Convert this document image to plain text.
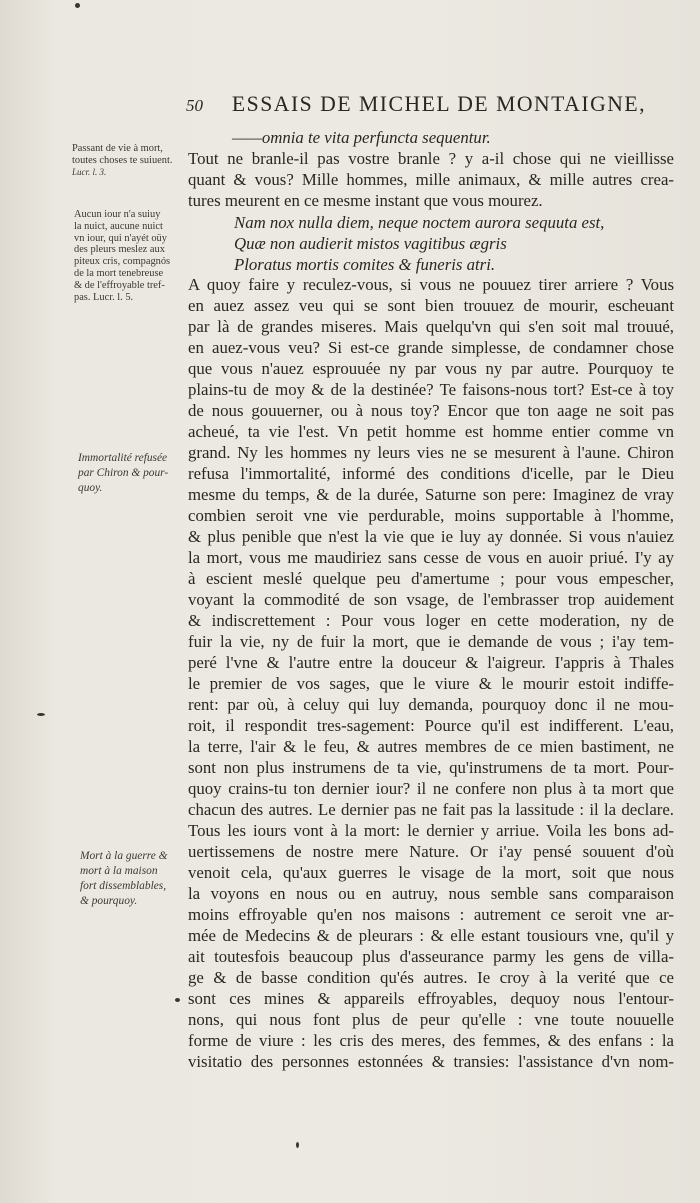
50 ESSAIS DE MICHEL DE MONTAIGNE,
Passant de vie à mort,
toutes choses te suiuent.
Lucr. l. 3.
Aucun iour n'a suiuy
la nuict, aucune nuict
vn iour, qui n'ayét oüy
des pleurs meslez aux
piteux cris, compagnós
de la mort tenebreuse
& de l'effroyable tref-
pas. Lucr. l. 5.
Immortalité refusée
par Chiron & pour-
quoy.
Mort à la guerre &
mort à la maison
fort dissemblables,
& pourquoy.
——omnia te vita perfuncta sequentur.
Tout ne branle-il pas vostre branle ? y a-il chose qui ne vieillisse
quant & vous? Mille hommes, mille animaux, & mille autres crea-
tures meurent en ce mesme instant que vous mourez.
Nam nox nulla diem, neque noctem aurora sequuta est,
Quæ non audierit mistos vagitibus ægris
Ploratus mortis comites & funeris atri.
A quoy faire y reculez-vous, si vous ne pouuez tirer arriere ? Vous
en auez assez veu qui se sont bien trouuez de mourir, escheuant
par là de grandes miseres. Mais quelqu'vn qui s'en soit mal trouué,
en auez-vous veu? Si est-ce grande simplesse, de condamner chose
que vous n'auez esprouuée ny par vous ny par autre. Pourquoy te
plains-tu de moy & de la destinée? Te faisons-nous tort? Est-ce à toy
de nous gouuerner, ou à nous toy? Encor que ton aage ne soit pas
acheué, ta vie l'est. Vn petit homme est homme entier comme vn
grand. Ny les hommes ny leurs vies ne se mesurent à l'aune. Chiron
refusa l'immortalité, informé des conditions d'icelle, par le Dieu
mesme du temps, & de la durée, Saturne son pere: Imaginez de vray
combien seroit vne vie perdurable, moins supportable à l'homme,
& plus penible que n'est la vie que ie luy ay donnée. Si vous n'auiez
la mort, vous me maudiriez sans cesse de vous en auoir priué. I'y ay
à escient meslé quelque peu d'amertume ; pour vous empescher,
voyant la commodité de son vsage, de l'embrasser trop auidement
& indiscrettement : Pour vous loger en cette moderation, ny de
fuir la vie, ny de fuir la mort, que ie demande de vous ; i'ay tem-
peré l'vne & l'autre entre la douceur & l'aigreur. I'appris à Thales
le premier de vos sages, que le viure & le mourir estoit indiffe-
rent: par où, à celuy qui luy demanda, pourquoy donc il ne mou-
roit, il respondit tres-sagement: Pource qu'il est indifferent. L'eau,
la terre, l'air & le feu, & autres membres de ce mien bastiment, ne
sont non plus instrumens de ta vie, qu'instrumens de ta mort. Pour-
quoy crains-tu ton dernier iour? il ne confere non plus à ta mort que
chacun des autres. Le dernier pas ne fait pas la lassitude : il la declare.
Tous les iours vont à la mort: le dernier y arriue. Voila les bons ad-
uertissemens de nostre mere Nature. Or i'ay pensé souuent d'où
venoit cela, qu'aux guerres le visage de la mort, soit que nous
la voyons en nous ou en autruy, nous semble sans comparaison
moins effroyable qu'en nos maisons : autrement ce seroit vne ar-
mée de Medecins & de pleurars : & elle estant tousiours vne, qu'il y
ait toutesfois beaucoup plus d'asseurance parmy les gens de villa-
ge & de basse condition qu'és autres. Ie croy à la verité que ce
sont ces mines & appareils effroyables, dequoy nous l'entour-
nons, qui nous font plus de peur qu'elle : vne toute nouuelle
forme de viure : les cris des meres, des femmes, & des enfans : la
visitatio des personnes estonnées & transies: l'assistance d'vn nom-
